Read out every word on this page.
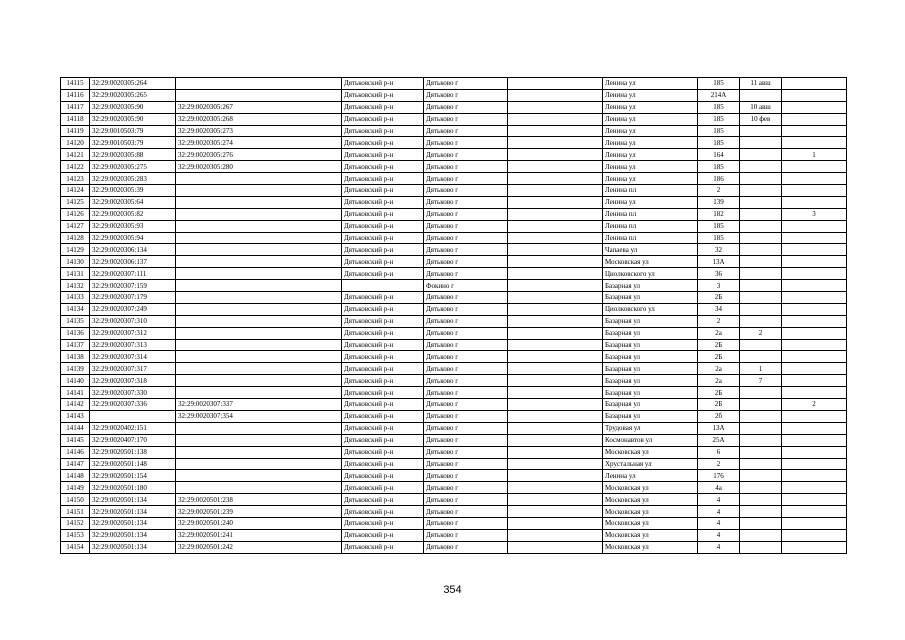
14115	32:29:0020305:264		Дятьковский р-н	Дятьково г		Ленина ул	185	11 авш	
14116	32:29:0020305:265		Дятьковский р-н	Дятьково г		Ленина ул	214А		
14117	32:29:0020305:90	32:29:0020305:267	Дятьковский р-н	Дятьково г		Ленина ул	185	10 авш	
14118	32:29:0020305:90	32:29:0020305:268	Дятьковский р-н	Дятьково г		Ленина ул	185	10 фев	
14119	32:29:0010503:79	32:29:0020305:273	Дятьковский р-н	Дятьково г		Ленина ул	185		
14120	32:29:0010503:79	32:29:0020305:274	Дятьковский р-н	Дятьково г		Ленина ул	185		
14121	32:29:0020305:88	32:29:0020305:276	Дятьковский р-н	Дятьково г		Ленина ул	164		1
14122	32:29:0020305:275	32:29:0020305:280	Дятьковский р-н	Дятьково г		Ленина ул	185		
14123	32:29:0020305:283		Дятьковский р-н	Дятьково г		Ленина ул	186		
14124	32:29:0020305:39		Дятьковский р-н	Дятьково г		Ленина пл	2		
14125	32:29:0020305:64		Дятьковский р-н	Дятьково г		Ленина ул	139		
14126	32:29:0020305:82		Дятьковский р-н	Дятьково г		Ленина пл	182		3
14127	32:29:0020305:93		Дятьковский р-н	Дятьково г		Ленина пл	185		
14128	32:29:0020305:94		Дятьковский р-н	Дятьково г		Ленина пл	185		
14129	32:29:0020306:134		Дятьковский р-н	Дятьково г		Чапаева ул	32		
14130	32:29:0020306:137		Дятьковский р-н	Дятьково г		Московская ул	13А		
14131	32:29:0020307:111		Дятьковский р-н	Дятьково г		Циолковского ул	36		
14132	32:29:0020307:159			Фокино г		Базарная ул	3		
14133	32:29:0020307:179		Дятьковский р-н	Дятьково г		Базарная ул	2Б		
14134	32:29:0020307:249		Дятьковский р-н	Дятьково г		Циолковского ул	34		
14135	32:29:0020307:310		Дятьковский р-н	Дятьково г		Базарная ул	2		
14136	32:29:0020307:312		Дятьковский р-н	Дятьково г		Базарная ул	2а	2	
14137	32:29:0020307:313		Дятьковский р-н	Дятьково г		Базарная ул	2Б		
14138	32:29:0020307:314		Дятьковский р-н	Дятьково г		Базарная ул	2Б		
14139	32:29:0020307:317		Дятьковский р-н	Дятьково г		Базарная ул	2а	1	
14140	32:29:0020307:318		Дятьковский р-н	Дятьково г		Базарная ул	2а	7	
14141	32:29:0020307:330		Дятьковский р-н	Дятьково г		Базарная ул	2Б		
14142	32:29:0020307:336	32:29:0020307:337	Дятьковский р-н	Дятьково г		Базарная ул	2Б		2
14143		32:29:0020307:354	Дятьковский р-н	Дятьково г		Базарная ул	2б		
14144	32:29:0020402:151		Дятьковский р-н	Дятьково г		Трудовая ул	13А		
14145	32:29:0020407:170		Дятьковский р-н	Дятьково г		Космонавтов ул	25А		
14146	32:29:0020501:138		Дятьковский р-н	Дятьково г		Московская ул	6		
14147	32:29:0020501:148		Дятьковский р-н	Дятьково г		Хрустальная ул	2		
14148	32:29:0020501:154		Дятьковский р-н	Дятьково г		Ленина ул	176		
14149	32:29:0020501:180		Дятьковский р-н	Дятьково г		Московская ул	4а		
14150	32:29:0020501:134	32:29:0020501:238	Дятьковский р-н	Дятьково г		Московская ул	4		
14151	32:29:0020501:134	32:29:0020501:239	Дятьковский р-н	Дятьково г		Московская ул	4		
14152	32:29:0020501:134	32:29:0020501:240	Дятьковский р-н	Дятьково г		Московская ул	4		
14153	32:29:0020501:134	32:29:0020501:241	Дятьковский р-н	Дятьково г		Московская ул	4		
14154	32:29:0020501:134	32:29:0020501:242	Дятьковский р-н	Дятьково г		Московская ул	4		
354
